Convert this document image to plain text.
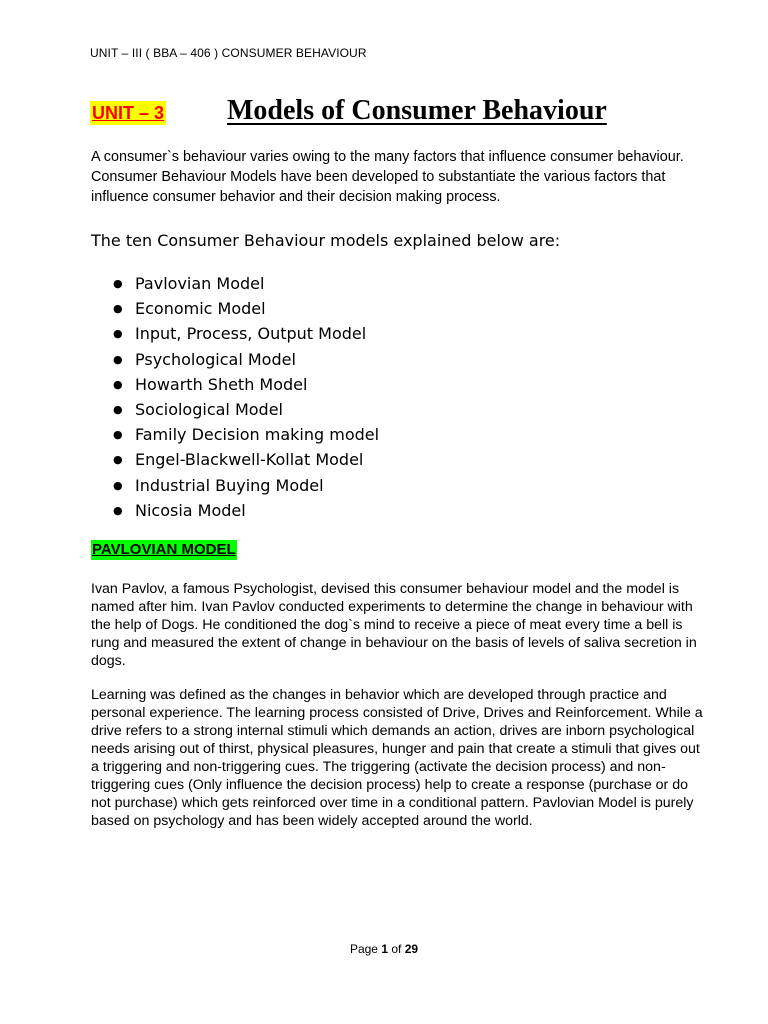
UNIT – III ( BBA – 406 ) CONSUMER BEHAVIOUR
UNIT – 3 Models of Consumer Behaviour

A consumer`s behaviour varies owing to the many factors that influence consumer behaviour. Consumer Behaviour Models have been developed to substantiate the various factors that influence consumer behavior and their decision making process.

The ten Consumer Behaviour models explained below are:
● Pavlovian Model
● Economic Model
● Input, Process, Output Model
● Psychological Model
● Howarth Sheth Model
● Sociological Model
● Family Decision making model
● Engel-Blackwell-Kollat Model
● Industrial Buying Model
● Nicosia Model
PAVLOVIAN MODEL

Ivan Pavlov, a famous Psychologist, devised this consumer behaviour model and the model is named after him. Ivan Pavlov conducted experiments to determine the change in behaviour with the help of Dogs. He conditioned the dog`s mind to receive a piece of meat every time a bell is rung and measured the extent of change in behaviour on the basis of levels of saliva secretion in dogs.

Learning was defined as the changes in behavior which are developed through practice and personal experience. The learning process consisted of Drive, Drives and Reinforcement. While a drive refers to a strong internal stimuli which demands an action, drives are inborn psychological needs arising out of thirst, physical pleasures, hunger and pain that create a stimuli that gives out a triggering and non-triggering cues. The triggering (activate the decision process) and non-triggering cues (Only influence the decision process) help to create a response (purchase or do not purchase) which gets reinforced over time in a conditional pattern. Pavlovian Model is purely based on psychology and has been widely accepted around the world.

Page 1 of 29
